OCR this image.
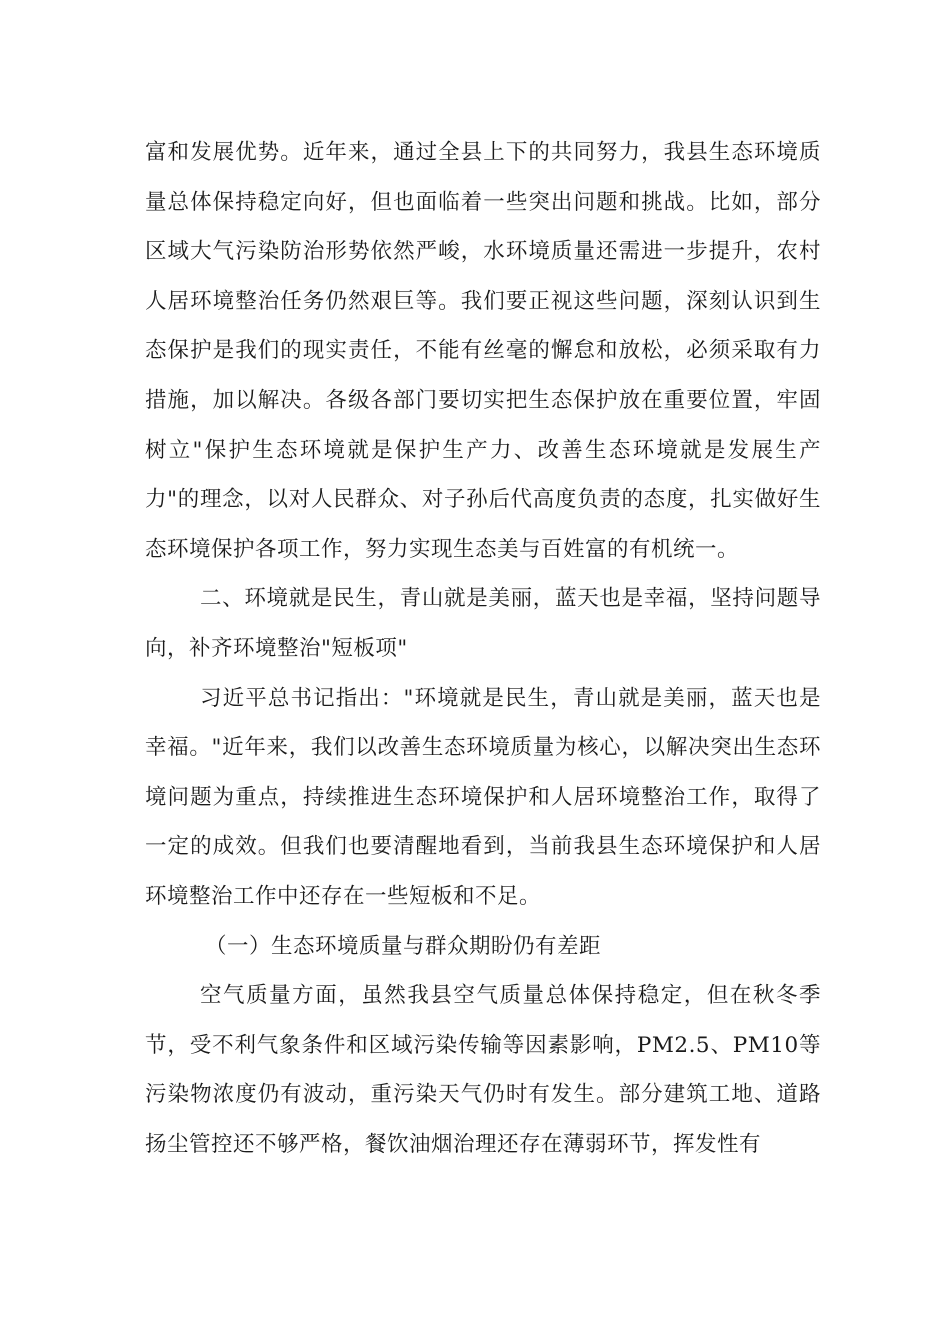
富和发展优势。近年来，通过全县上下的共同努力，我县生态环境质量总体保持稳定向好，但也面临着一些突出问题和挑战。比如，部分区域大气污染防治形势依然严峻，水环境质量还需进一步提升，农村人居环境整治任务仍然艰巨等。我们要正视这些问题，深刻认识到生态保护是我们的现实责任，不能有丝毫的懈怠和放松，必须采取有力措施，加以解决。各级各部门要切实把生态保护放在重要位置，牢固树立"保护生态环境就是保护生产力、改善生态环境就是发展生产力"的理念，以对人民群众、对子孙后代高度负责的态度，扎实做好生态环境保护各项工作，努力实现生态美与百姓富的有机统一。

二、环境就是民生，青山就是美丽，蓝天也是幸福，坚持问题导向，补齐环境整治"短板项"

习近平总书记指出："环境就是民生，青山就是美丽，蓝天也是幸福。"近年来，我们以改善生态环境质量为核心，以解决突出生态环境问题为重点，持续推进生态环境保护和人居环境整治工作，取得了一定的成效。但我们也要清醒地看到，当前我县生态环境保护和人居环境整治工作中还存在一些短板和不足。

（一）生态环境质量与群众期盼仍有差距

空气质量方面，虽然我县空气质量总体保持稳定，但在秋冬季节，受不利气象条件和区域污染传输等因素影响，PM2.5、PM10等污染物浓度仍有波动，重污染天气仍时有发生。部分建筑工地、道路扬尘管控还不够严格，餐饮油烟治理还存在薄弱环节，挥发性有
